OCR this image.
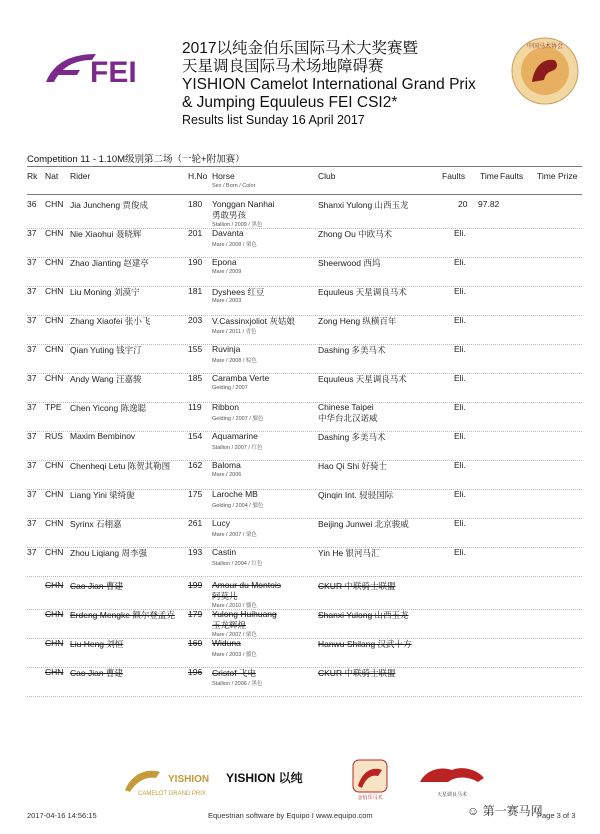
FEI
2017以纯金伯乐国际马术大奖赛暨
天星调良国际马术场地障碍赛
YISHION Camelot International Grand Prix
& Jumping Equuleus FEI CSI2*
Results list Sunday 16 April 2017
中国马术协会
Competition 11 - 1.10M级别第二场（一轮+附加赛）
Rk Nat Rider	H.No Horse
Sex / Born / Color
Club	Faults Time Faults Time Prize
36 CHN Jia Juncheng 贾俊成	180 Yonggan Nanhai
勇敢男孩
Stallion / 2009 / 黑色
Shanxi Yulong 山西玉龙	20 97.82
37 CHN Nie Xiaohui 聂晓辉	201 Davanta
Mare / 2008 / 栗色
Zhong Ou 中欧马术	Eli.
37 CHN Zhao Jianting 赵建亭	190 Epona
Mare / 2009
Sheerwood 西坞	Eli.
37 CHN Liu Moning 刘漠宁	181 Dyshees 红豆
Mare / 2003
Equuleus 天星调良马术	Eli.
37 CHN Zhang Xiaofei 张小飞	203 V.Cassinxjoliot 灰姑娘
Mare / 2011 / 青色
Zong Heng 纵横百年	Eli.
37 CHN Qian Yuting 钱宇汀	155 Ruvinja
Mare / 2008 / 棕色
Dashing 多美马术	Eli.
37 CHN Andy Wang 汪嘉骏	185 Caramba Verte
Gelding / 2007
Equuleus 天星调良马术	Eli.
37 TPE Chen Yicong 陈逸聪	119 Ribbon
Gelding / 2007 / 骝色
Chinese Taipei
中华台北汉诺威
Eli.
37 RUS Maxim Bembinov	154 Aquamarine
Stallion / 2007 / 红色
Dashing 多美马术	Eli.
37 CHN Chenheqi Letu 陈贺其勒图 162 Baloma
Mare / 2006
Hao Qi Shi 好骑士	Eli.
37 CHN Liang Yini 梁绮旎	175 Laroche MB
Gelding / 2004 / 骝色
Qinqin Int. 骎骎国际	Eli.
37 CHN Syrinx 石栩嘉	261 Lucy
Mare / 2007 / 栗色
Beijing Junwei 北京骏威	Eli.
37 CHN Zhou Liqiang 周李强	193 Castin
Stallion / 2004 / 红色
Yin He 银河马汇	Eli.
CHN Cao Jian 曹建	199 Amour du Montois
阿莫儿
Mare / 2010 / 骝色
CKUR 中联骑士联盟
CHN Erdeng Mengke 额尔登孟克 179 Yulong Huihuang
玉龙辉煌
Mare / 2007 / 栗色
Shanxi Yulong 山西玉龙
CHN Liu Heng 刘恒	160 Widuna
Mare / 2003 / 骝色
Hanwu Shilang 汉武十方
CHN Cao Jian 曹建	196 Cristof 飞电
Stallion / 2006 / 黑色
CKUR 中联骑士联盟
YISHION
CAMELOT GRAND PRIX
YISHION 以纯
金伯乐马术	天星调良马术
2017-04-16 14:56:15	Equestrian software by Equipo I www.equipo.com	Page 3 of 3
☺ 第一赛马网
